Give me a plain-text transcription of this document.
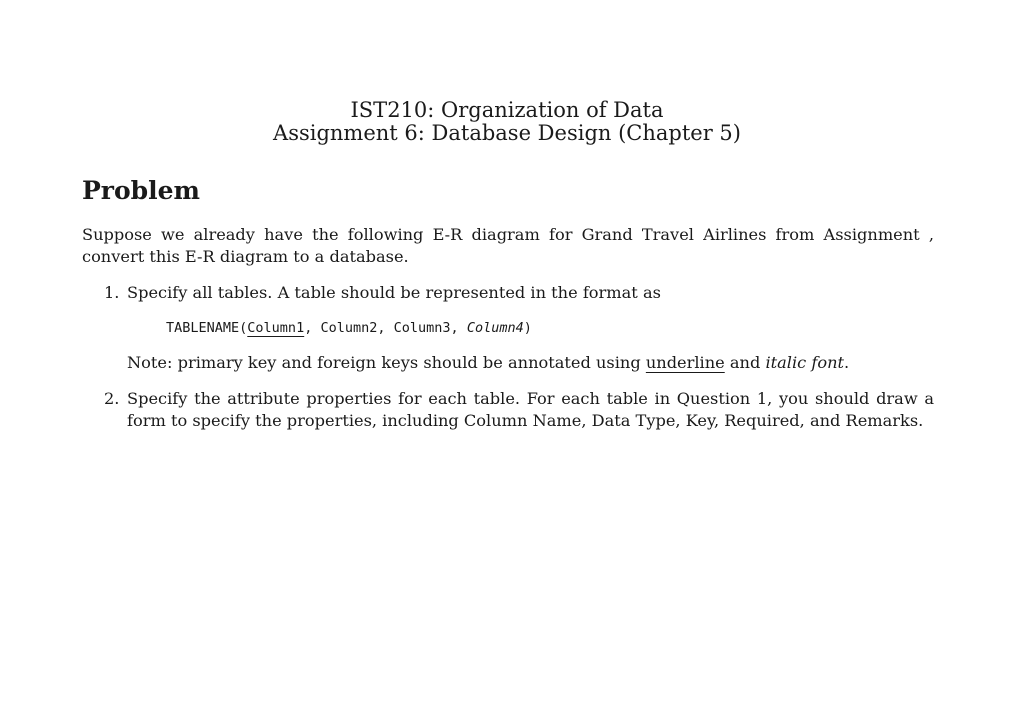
IST210: Organization of Data
Assignment 6: Database Design (Chapter 5)
Problem

Suppose we already have the following E-R diagram for Grand Travel Airlines from Assignment , convert this E-R diagram to a database.

1. Specify all tables. A table should be represented in the format as
TABLENAME(Column1, Column2, Column3, Column4)
Note: primary key and foreign keys should be annotated using underline and italic font.
2. Specify the attribute properties for each table. For each table in Question 1, you should draw a form to specify the properties, including Column Name, Data Type, Key, Required, and Remarks.
